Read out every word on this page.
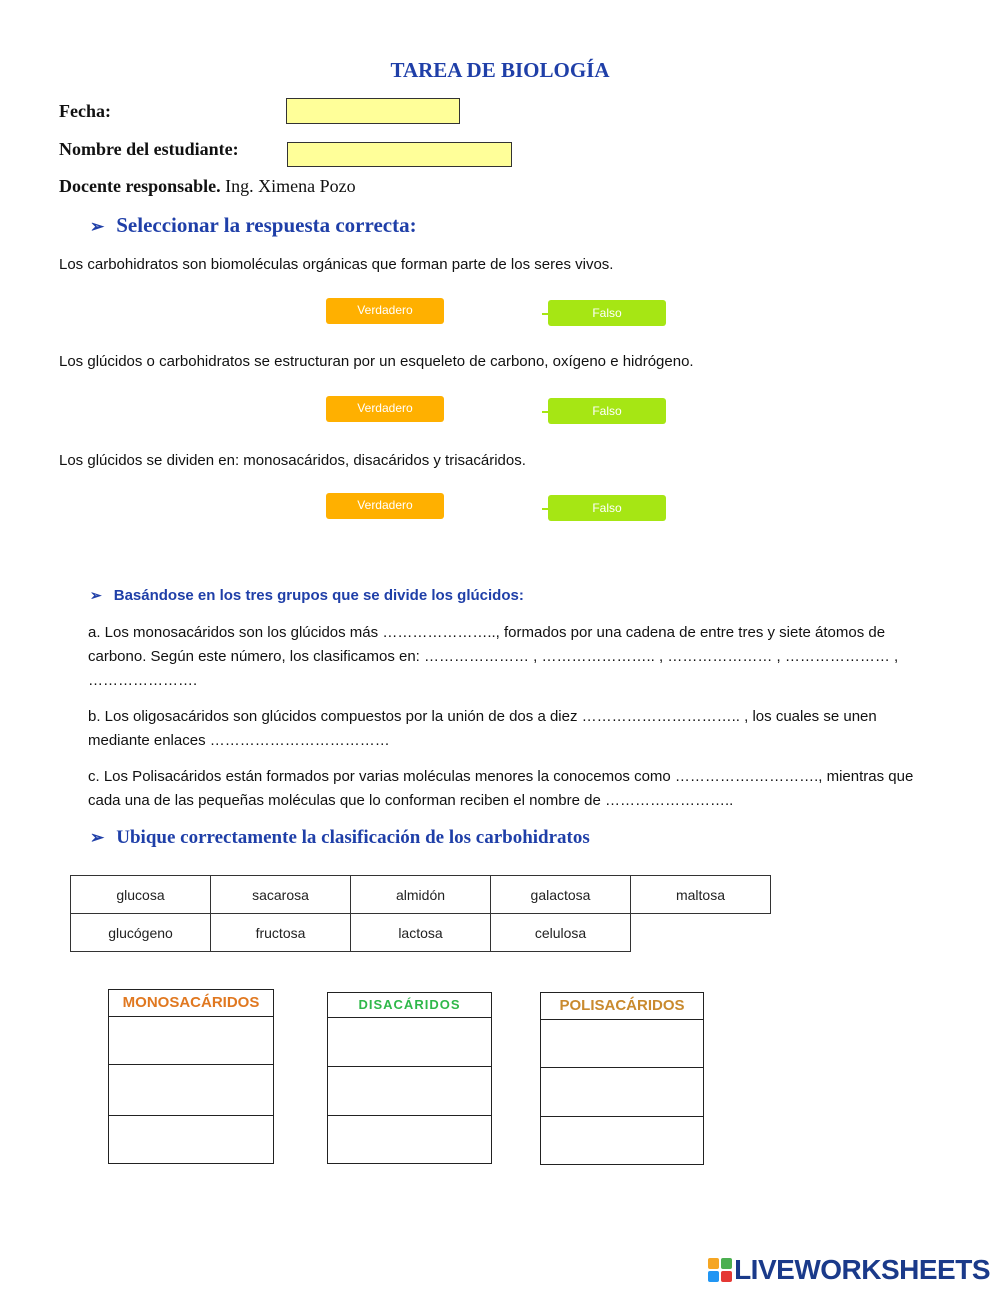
TAREA DE BIOLOGÍA
Fecha:
Nombre del estudiante:
Docente responsable. Ing. Ximena Pozo
➢ Seleccionar la respuesta correcta:
Los carbohidratos son biomoléculas orgánicas que forman parte de los seres vivos.
Verdadero	Falso
Los glúcidos o carbohidratos se estructuran por un esqueleto de carbono, oxígeno e hidrógeno.
Verdadero	Falso
Los glúcidos se dividen en: monosacáridos, disacáridos y trisacáridos.
Verdadero	Falso
➢ Basándose en los tres grupos que se divide los glúcidos:
a. Los monosacáridos son los glúcidos más ………………….., formados por una cadena de entre tres y siete átomos de carbono. Según este número, los clasificamos en: ………………… , ………………….. , ………………… , ………………… , ………………….
b. Los oligosacáridos son glúcidos compuestos por la unión de dos a diez ………………………….. , los cuales se unen mediante enlaces ………………………………
c. Los Polisacáridos están formados por varias moléculas menores la conocemos como …………….…………., mientras que cada una de las pequeñas moléculas que lo conforman reciben el nombre de ……………………..
➢ Ubique correctamente la clasificación de los carbohidratos
glucosa	sacarosa	almidón	galactosa	maltosa
glucógeno	fructosa	lactosa	celulosa	
MONOSACÁRIDOS	DISACÁRIDOS	POLISACÁRIDOS
LIVEWORKSHEETS
